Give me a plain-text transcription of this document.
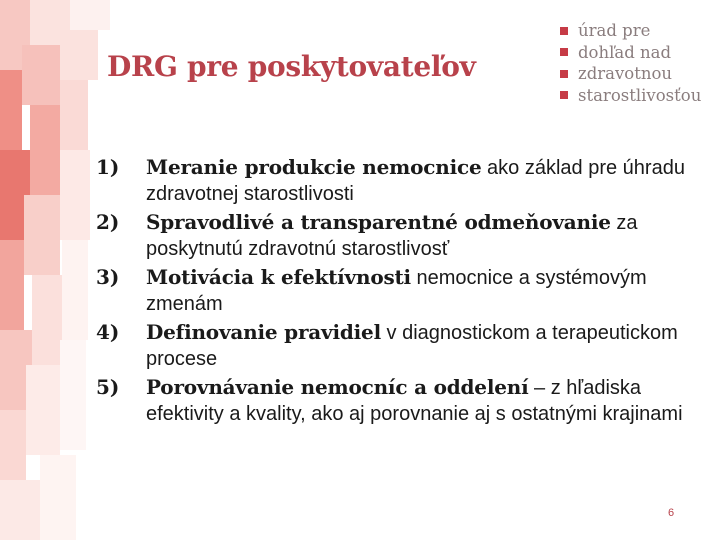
DRG pre poskytovateľov
úrad pre
dohľad nad
zdravotnou
starostlivosťou
1) Meranie produkcie nemocnice ako základ pre úhradu zdravotnej starostlivosti
2) Spravodlivé a transparentné odmeňovanie za poskytnutú zdravotnú starostlivosť
3) Motivácia k efektívnosti nemocnice a systémovým zmenám
4) Definovanie pravidiel v diagnostickom a terapeutickom procese
5) Porovnávanie nemocníc a oddelení – z hľadiska efektivity a kvality, ako aj porovnanie aj s ostatnými krajinami
6
